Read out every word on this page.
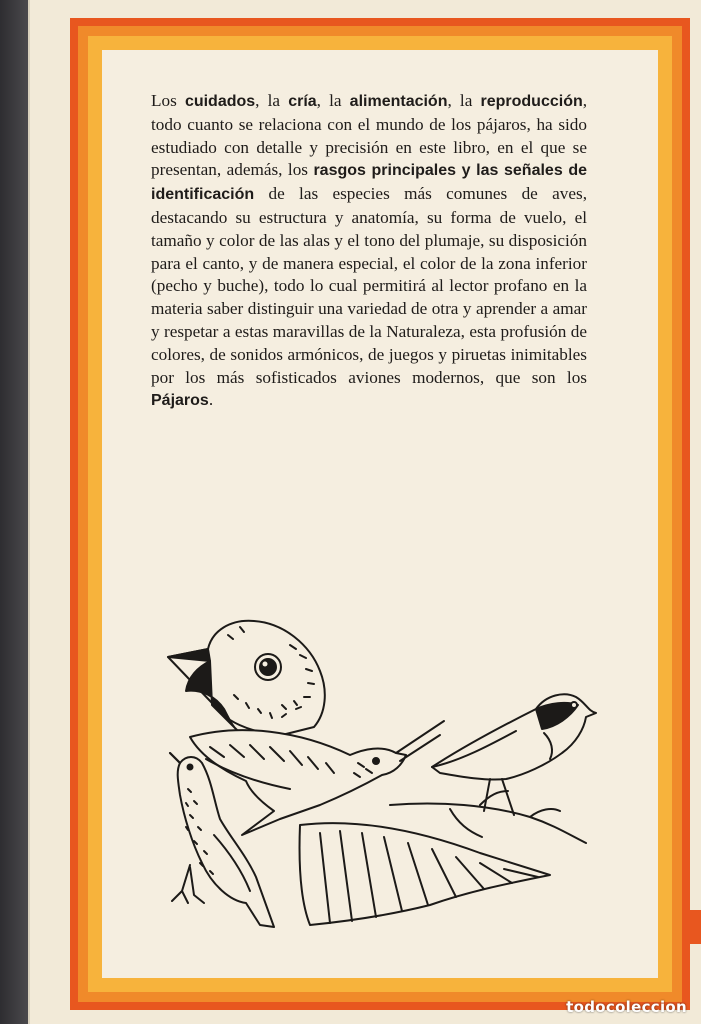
Los cuidados, la cría, la alimentación, la reproducción, todo cuanto se relaciona con el mundo de los pájaros, ha sido estudiado con detalle y precisión en este libro, en el que se presentan, además, los rasgos principales y las señales de identificación de las especies más comunes de aves, destacando su estructura y anatomía, su forma de vuelo, el tamaño y color de las alas y el tono del plumaje, su disposición para el canto, y de manera especial, el color de la zona inferior (pecho y buche), todo lo cual permitirá al lector profano en la materia saber distinguir una variedad de otra y aprender a amar y respetar a estas maravillas de la Naturaleza, esta profusión de colores, de sonidos armónicos, de juegos y piruetas inimitables por los más sofisticados aviones modernos, que son los Pájaros.

todocoleccion
